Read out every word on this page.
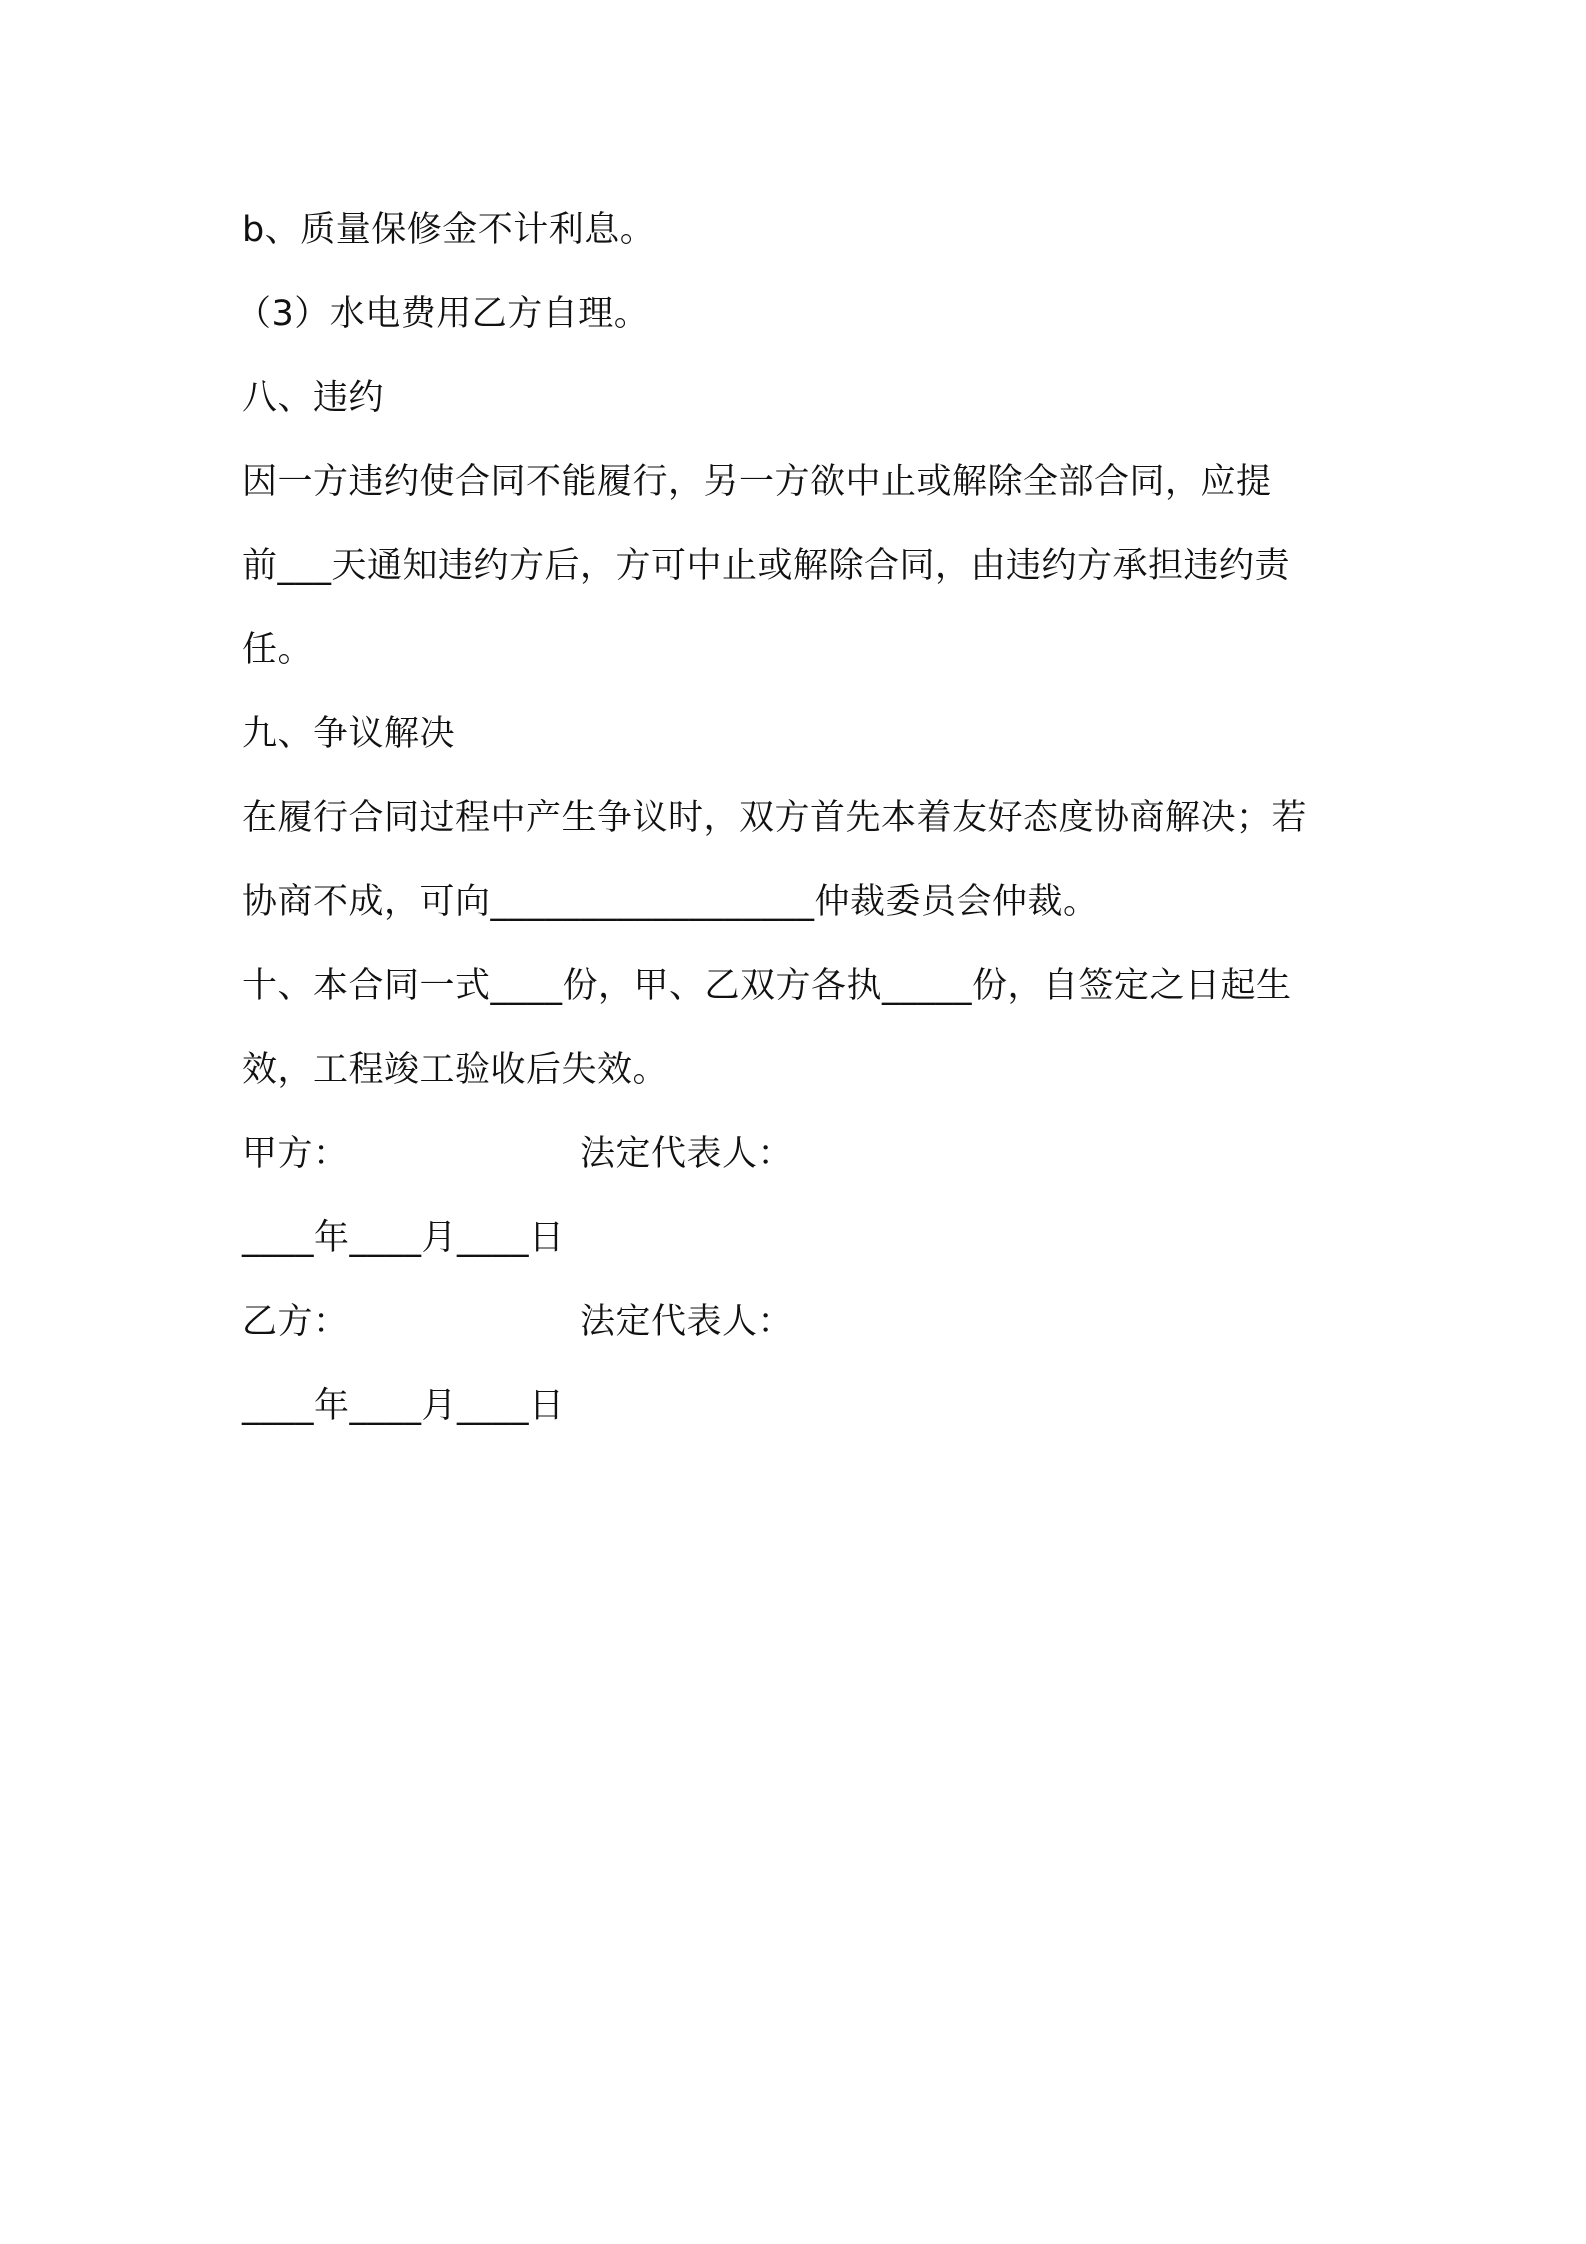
b、质量保修金不计利息。
（3）水电费用乙方自理。
八、违约
因一方违约使合同不能履行，另一方欲中止或解除全部合同，应提
前___天通知违约方后，方可中止或解除合同，由违约方承担违约责
任。
九、争议解决
在履行合同过程中产生争议时，双方首先本着友好态度协商解决；若
协商不成，可向__________________仲裁委员会仲裁。
十、本合同一式____份，甲、乙双方各执_____份，自签定之日起生
效，工程竣工验收后失效。
甲方：	法定代表人：
____年____月____日
乙方：	法定代表人：
____年____月____日
